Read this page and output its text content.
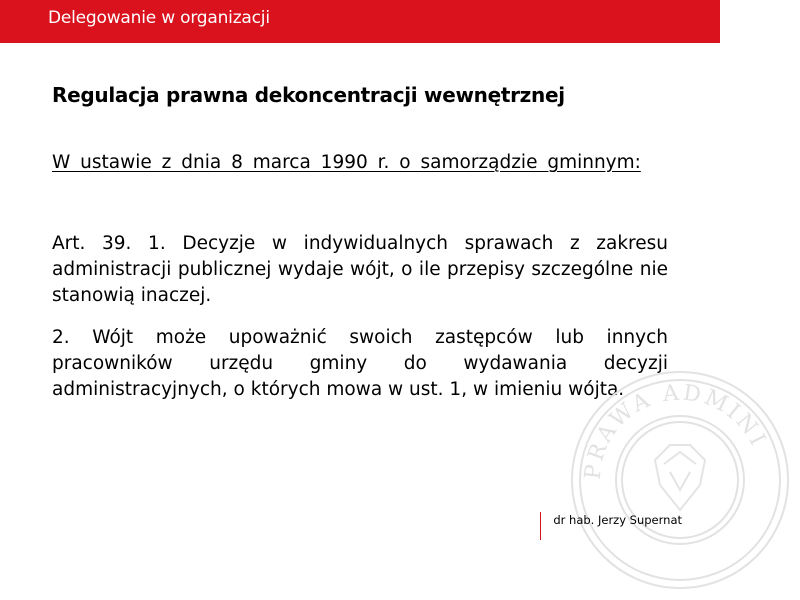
Delegowanie w organizacji
Regulacja prawna dekoncentracji wewnętrznej

W ustawie z dnia 8 marca 1990 r. o samorządzie gminnym:

Art. 39. 1. Decyzje w indywidualnych sprawach z zakresu administracji publicznej wydaje wójt, o ile przepisy szczególne nie stanowią inaczej.

2. Wójt może upoważnić swoich zastępców lub innych pracowników urzędu gminy do wydawania decyzji administracyjnych, o których mowa w ust. 1, w imieniu wójta.

PRAWA ADMINI
dr hab. Jerzy Supernat
